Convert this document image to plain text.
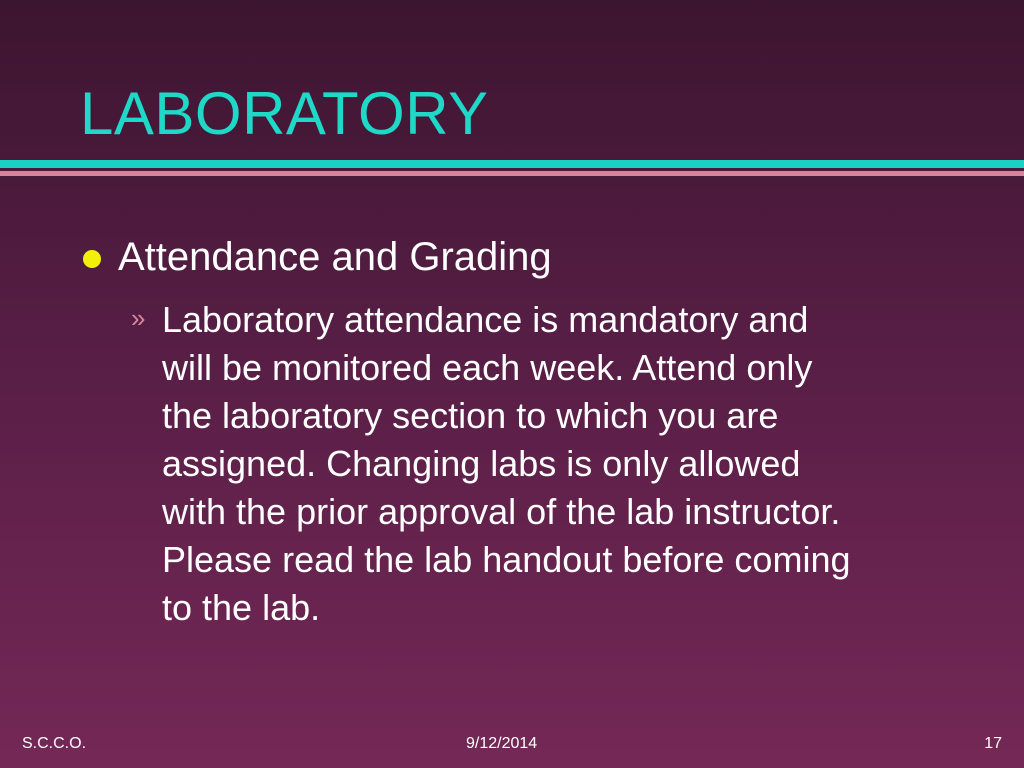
LABORATORY
Attendance and Grading
» Laboratory attendance is mandatory and
will be monitored each week. Attend only
the laboratory section to which you are
assigned. Changing labs is only allowed
with the prior approval of the lab instructor.
Please read the lab handout before coming
to the lab.
S.C.C.O.	9/12/2014	17
